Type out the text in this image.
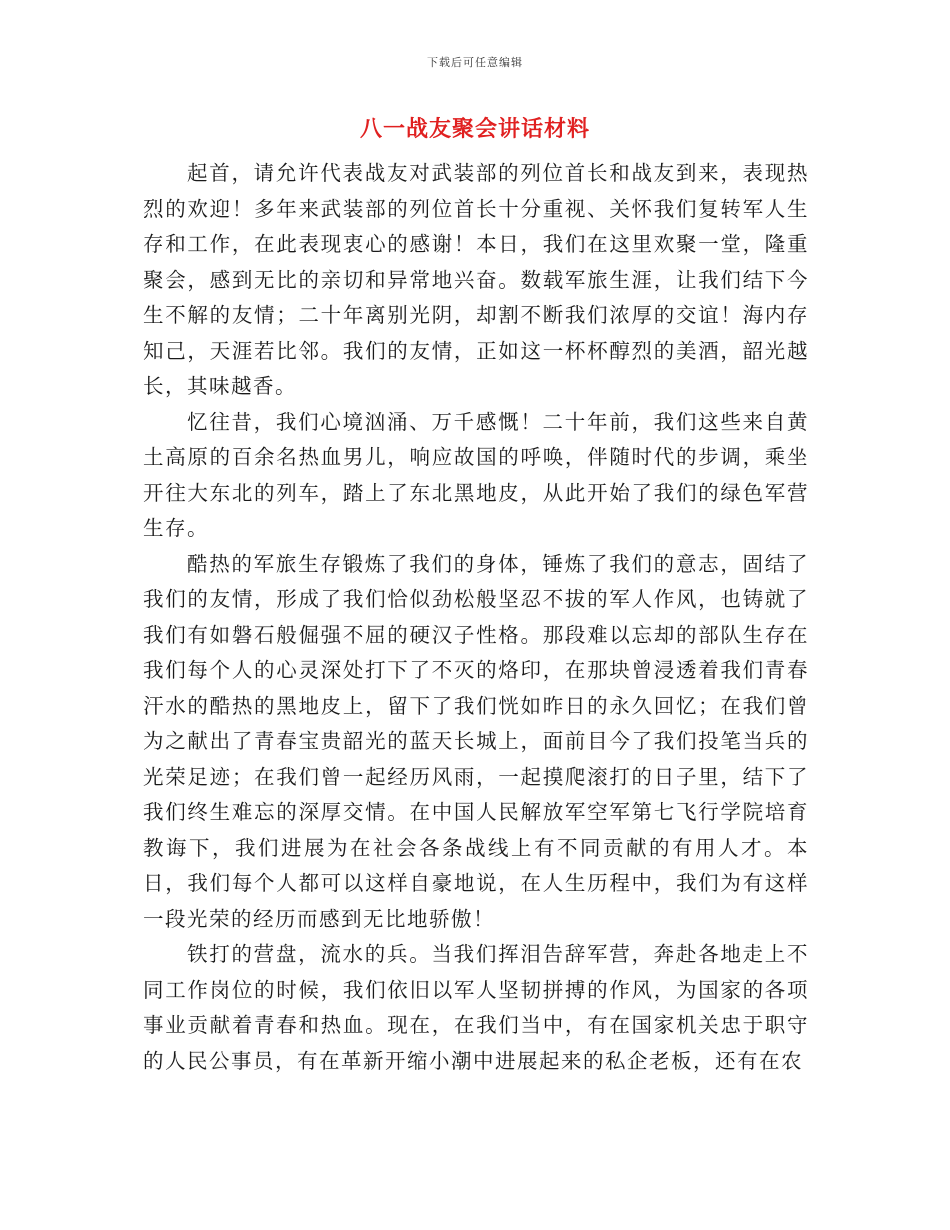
下载后可任意编辑
八一战友聚会讲话材料

起首，请允许代表战友对武装部的列位首长和战友到来，表现热烈的欢迎！多年来武装部的列位首长十分重视、关怀我们复转军人生存和工作，在此表现衷心的感谢！本日，我们在这里欢聚一堂，隆重聚会，感到无比的亲切和异常地兴奋。数载军旅生涯，让我们结下今生不解的友情；二十年离别光阴，却割不断我们浓厚的交谊！海内存知己，天涯若比邻。我们的友情，正如这一杯杯醇烈的美酒，韶光越长，其味越香。

忆往昔，我们心境汹涌、万千感慨！二十年前，我们这些来自黄土高原的百余名热血男儿，响应故国的呼唤，伴随时代的步调，乘坐开往大东北的列车，踏上了东北黑地皮，从此开始了我们的绿色军营生存。

酷热的军旅生存锻炼了我们的身体，锤炼了我们的意志，固结了我们的友情，形成了我们恰似劲松般坚忍不拔的军人作风，也铸就了我们有如磐石般倔强不屈的硬汉子性格。那段难以忘却的部队生存在我们每个人的心灵深处打下了不灭的烙印，在那块曾浸透着我们青春汗水的酷热的黑地皮上，留下了我们恍如昨日的永久回忆；在我们曾为之献出了青春宝贵韶光的蓝天长城上，面前目今了我们投笔当兵的光荣足迹；在我们曾一起经历风雨，一起摸爬滚打的日子里，结下了我们终生难忘的深厚交情。在中国人民解放军空军第七飞行学院培育教诲下，我们进展为在社会各条战线上有不同贡献的有用人才。本日，我们每个人都可以这样自豪地说，在人生历程中，我们为有这样一段光荣的经历而感到无比地骄傲！

铁打的营盘，流水的兵。当我们挥泪告辞军营，奔赴各地走上不同工作岗位的时候，我们依旧以军人坚韧拼搏的作风，为国家的各项事业贡献着青春和热血。现在，在我们当中，有在国家机关忠于职守的人民公事员，有在革新开缩小潮中进展起来的私企老板，还有在农
